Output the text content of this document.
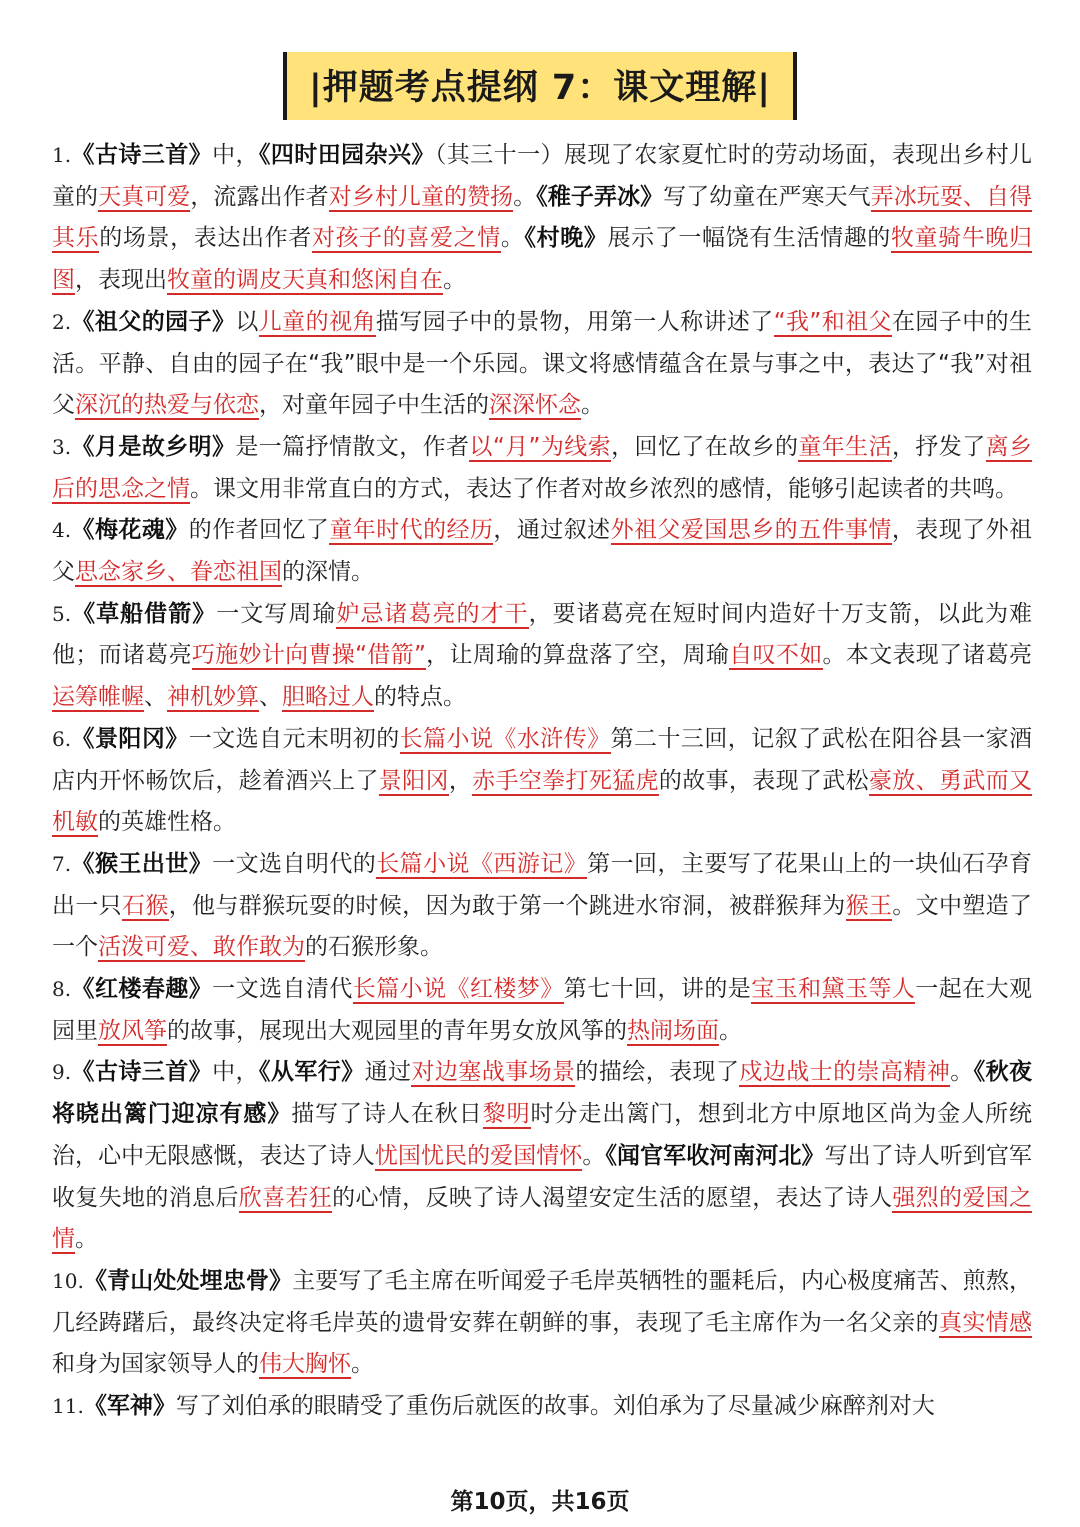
|押题考点提纲 7：课文理解|

1.《古诗三首》中，《四时田园杂兴》（其三十一）展现了农家夏忙时的劳动场面，表现出乡村儿童的天真可爱，流露出作者对乡村儿童的赞扬。《稚子弄冰》写了幼童在严寒天气弄冰玩耍、自得其乐的场景，表达出作者对孩子的喜爱之情。《村晚》展示了一幅饶有生活情趣的牧童骑牛晚归图，表现出牧童的调皮天真和悠闲自在。

2.《祖父的园子》以儿童的视角描写园子中的景物，用第一人称讲述了“我”和祖父在园子中的生活。平静、自由的园子在“我”眼中是一个乐园。课文将感情蕴含在景与事之中，表达了“我”对祖父深沉的热爱与依恋，对童年园子中生活的深深怀念。

3.《月是故乡明》是一篇抒情散文，作者以“月”为线索，回忆了在故乡的童年生活，抒发了离乡后的思念之情。课文用非常直白的方式，表达了作者对故乡浓烈的感情，能够引起读者的共鸣。

4.《梅花魂》的作者回忆了童年时代的经历，通过叙述外祖父爱国思乡的五件事情，表现了外祖父思念家乡、眷恋祖国的深情。

5.《草船借箭》一文写周瑜妒忌诸葛亮的才干，要诸葛亮在短时间内造好十万支箭，以此为难他；而诸葛亮巧施妙计向曹操“借箭”，让周瑜的算盘落了空，周瑜自叹不如。本文表现了诸葛亮运筹帷幄、神机妙算、胆略过人的特点。

6.《景阳冈》一文选自元末明初的长篇小说《水浒传》第二十三回，记叙了武松在阳谷县一家酒店内开怀畅饮后，趁着酒兴上了景阳冈，赤手空拳打死猛虎的故事，表现了武松豪放、勇武而又机敏的英雄性格。

7.《猴王出世》一文选自明代的长篇小说《西游记》第一回，主要写了花果山上的一块仙石孕育出一只石猴，他与群猴玩耍的时候，因为敢于第一个跳进水帘洞，被群猴拜为猴王。文中塑造了一个活泼可爱、敢作敢为的石猴形象。

8.《红楼春趣》一文选自清代长篇小说《红楼梦》第七十回，讲的是宝玉和黛玉等人一起在大观园里放风筝的故事，展现出大观园里的青年男女放风筝的热闹场面。

9.《古诗三首》中，《从军行》通过对边塞战事场景的描绘，表现了戍边战士的崇高精神。《秋夜将晓出篱门迎凉有感》描写了诗人在秋日黎明时分走出篱门，想到北方中原地区尚为金人所统治，心中无限感慨，表达了诗人忧国忧民的爱国情怀。《闻官军收河南河北》写出了诗人听到官军收复失地的消息后欣喜若狂的心情，反映了诗人渴望安定生活的愿望，表达了诗人强烈的爱国之情。

10.《青山处处埋忠骨》主要写了毛主席在听闻爱子毛岸英牺牲的噩耗后，内心极度痛苦、煎熬，几经踌躇后，最终决定将毛岸英的遗骨安葬在朝鲜的事，表现了毛主席作为一名父亲的真实情感和身为国家领导人的伟大胸怀。

11.《军神》写了刘伯承的眼睛受了重伤后就医的故事。刘伯承为了尽量减少麻醉剂对大

第10页，共16页
